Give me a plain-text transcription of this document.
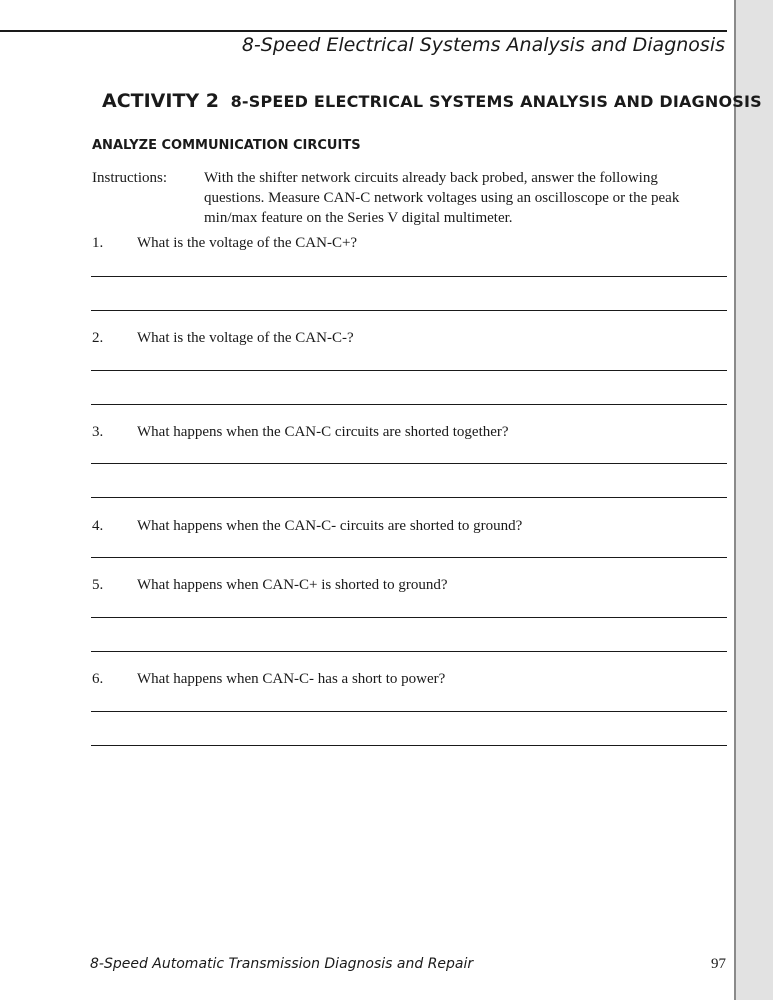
8-Speed Electrical Systems Analysis and Diagnosis
ACTIVITY 2 8-SPEED ELECTRICAL SYSTEMS ANALYSIS AND DIAGNOSIS
ANALYZE COMMUNICATION CIRCUITS
Instructions: With the shifter network circuits already back probed, answer the following questions. Measure CAN-C network voltages using an oscilloscope or the peak min/max feature on the Series V digital multimeter.
1. What is the voltage of the CAN-C+?
2. What is the voltage of the CAN-C-?
3. What happens when the CAN-C circuits are shorted together?
4. What happens when the CAN-C- circuits are shorted to ground?
5. What happens when CAN-C+ is shorted to ground?
6. What happens when CAN-C- has a short to power?
8-Speed Automatic Transmission Diagnosis and Repair	97
